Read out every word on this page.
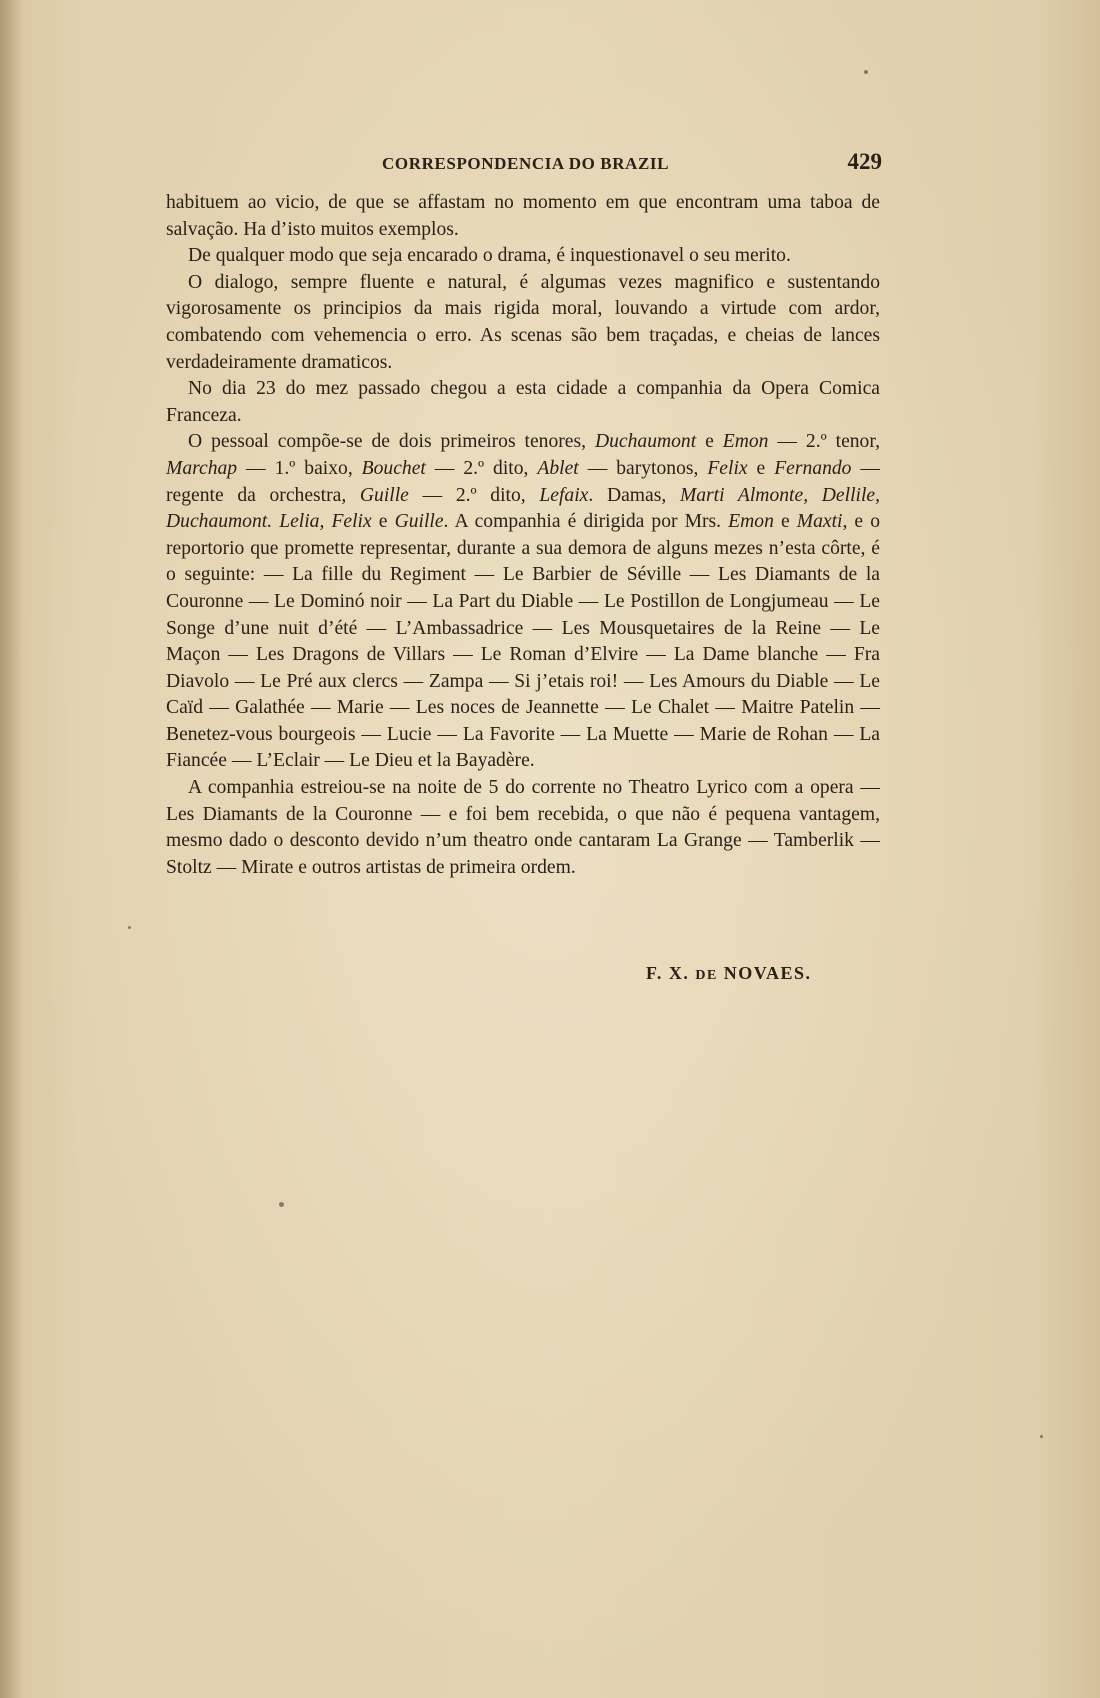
CORRESPONDENCIA DO BRAZIL	429

habituem ao vicio, de que se affastam no momento em que encontram uma taboa de salvação. Ha d’isto muitos exemplos.

De qualquer modo que seja encarado o drama, é inquestionavel o seu merito.

O dialogo, sempre fluente e natural, é algumas vezes magnifico e sustentando vigorosamente os principios da mais rigida moral, louvando a virtude com ardor, combatendo com vehemencia o erro. As scenas são bem traçadas, e cheias de lances verdadeiramente dramaticos.

No dia 23 do mez passado chegou a esta cidade a companhia da Opera Comica Franceza.

O pessoal compõe-se de dois primeiros tenores, Duchaumont e Emon — 2.º tenor, Marchap — 1.º baixo, Bouchet — 2.º dito, Ablet — barytonos, Felix e Fernando — regente da orchestra, Guille — 2.º dito, Lefaix. Damas, Marti Almonte, Dellile, Duchaumont. Lelia, Felix e Guille. A companhia é dirigida por Mrs. Emon e Maxti, e o reportorio que promette representar, durante a sua demora de alguns mezes n’esta côrte, é o seguinte: — La fille du Regiment — Le Barbier de Séville — Les Diamants de la Couronne — Le Dominó noir — La Part du Diable — Le Postillon de Longjumeau — Le Songe d’une nuit d’été — L’Ambassadrice — Les Mousquetaires de la Reine — Le Maçon — Les Dragons de Villars — Le Roman d’Elvire — La Dame blanche — Fra Diavolo — Le Pré aux clercs — Zampa — Si j’etais roi! — Les Amours du Diable — Le Caïd — Galathée — Marie — Les noces de Jeannette — Le Chalet — Maitre Patelin — Benetez-vous bourgeois — Lucie — La Favorite — La Muette — Marie de Rohan — La Fiancée — L’Eclair — Le Dieu et la Bayadère.

A companhia estreiou-se na noite de 5 do corrente no Theatro Lyrico com a opera — Les Diamants de la Couronne — e foi bem recebida, o que não é pequena vantagem, mesmo dado o desconto devido n’um theatro onde cantaram La Grange — Tamberlik — Stoltz — Mirate e outros artistas de primeira ordem.

F. X. DE NOVAES.
